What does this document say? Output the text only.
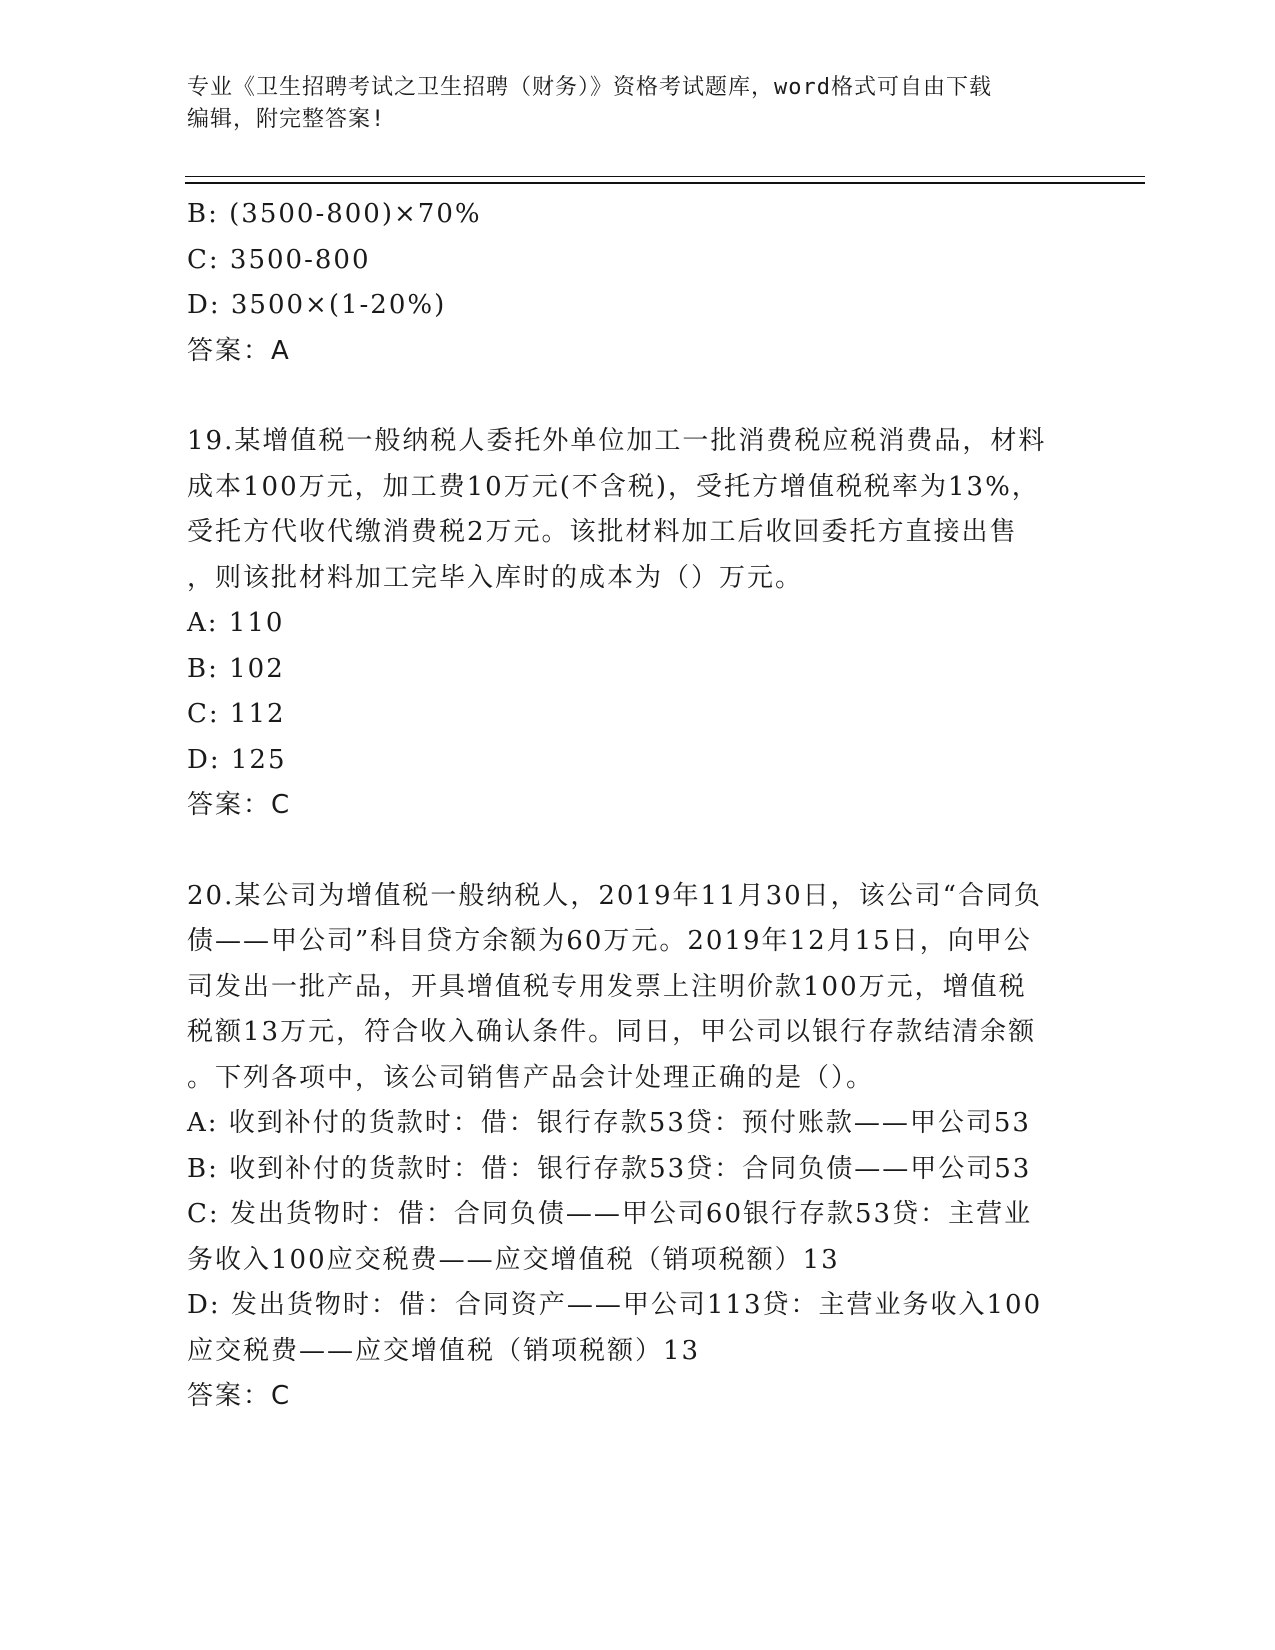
专业《卫生招聘考试之卫生招聘（财务）》资格考试题库，word格式可自由下载
编辑，附完整答案!
B: (3500-800)×70%
C: 3500-800
D: 3500×(1-20%)
答案：A
19.某增值税一般纳税人委托外单位加工一批消费税应税消费品，材料
成本100万元，加工费10万元(不含税)，受托方增值税税率为13%，
受托方代收代缴消费税2万元。该批材料加工后收回委托方直接出售
，则该批材料加工完毕入库时的成本为（）万元。
A: 110
B: 102
C: 112
D: 125
答案：C
20.某公司为增值税一般纳税人，2019年11月30日，该公司“合同负
债——甲公司”科目贷方余额为60万元。2019年12月15日，向甲公
司发出一批产品，开具增值税专用发票上注明价款100万元，增值税
税额13万元，符合收入确认条件。同日，甲公司以银行存款结清余额
。下列各项中，该公司销售产品会计处理正确的是（）。
A: 收到补付的货款时：借：银行存款53贷：预付账款——甲公司53
B: 收到补付的货款时：借：银行存款53贷：合同负债——甲公司53
C: 发出货物时：借：合同负债——甲公司60银行存款53贷：主营业
务收入100应交税费——应交增值税（销项税额）13
D: 发出货物时：借：合同资产——甲公司113贷：主营业务收入100
应交税费——应交增值税（销项税额）13
答案：C
